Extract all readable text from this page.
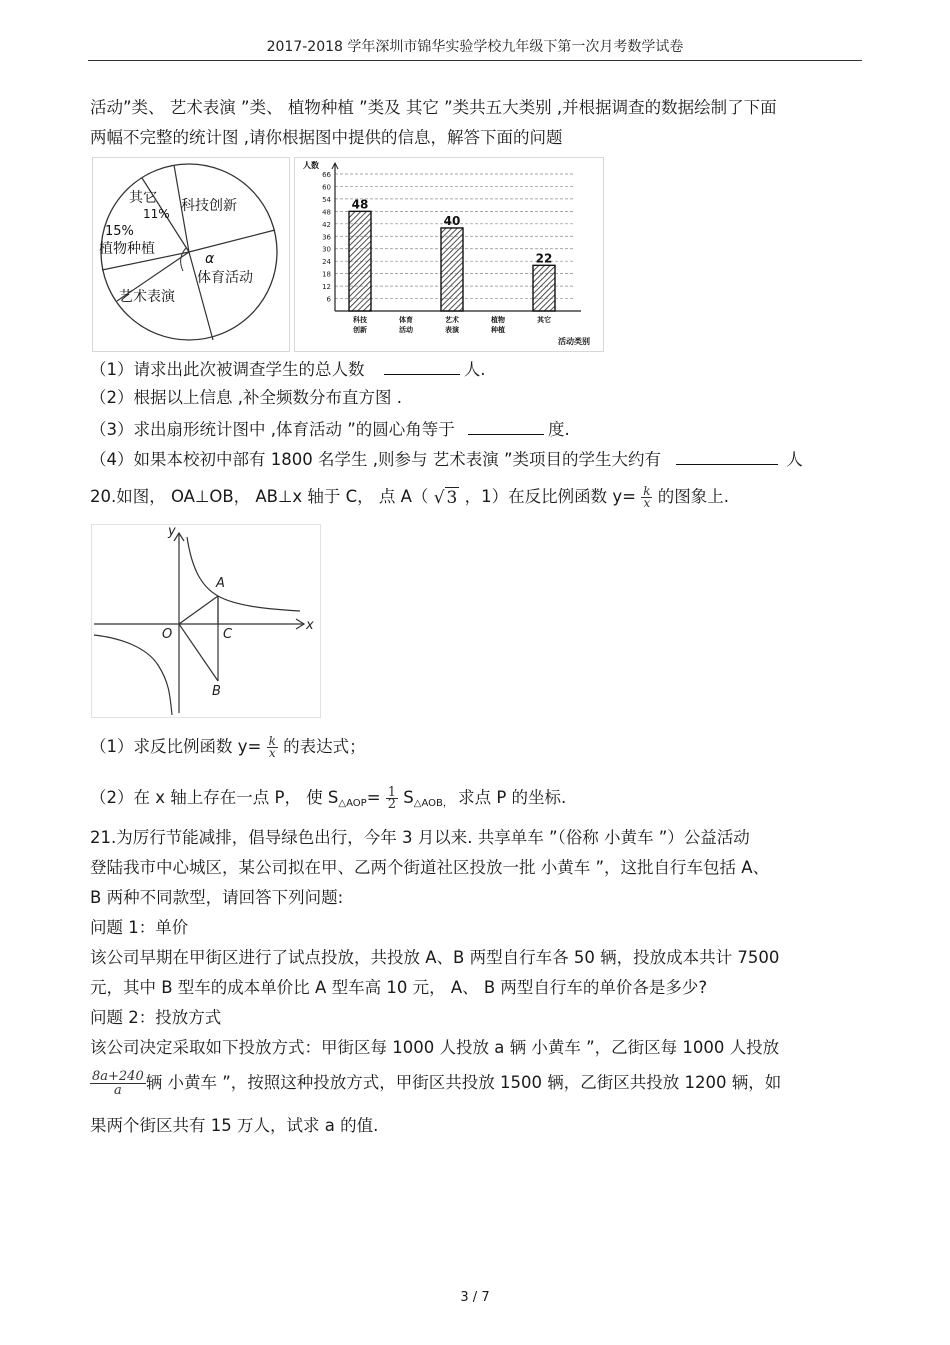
2017-2018 学年深圳市锦华实验学校九年级下第一次月考数学试卷
活动”类、 艺术表演 ”类、 植物种植 ”类及 其它 ”类共五大类别 ,并根据调查的数据绘制了下面
两幅不完整的统计图 ,请你根据图中提供的信息，解答下面的问题
其它
11% 科技创新
15%
植物种植
α
体育活动
艺术表演	6
12
18
24
30
36
42
48
54
60
66
48
科技
创新
体育
活动
40
艺术
表演
植物
种植
22
其它
人数
活动类别
（1）请求出此次被调查学生的总人数	人.
（2）根据以上信息 ,补全频数分布直方图 .
（3）求出扇形统计图中 ,体育活动 ”的圆心角等于	度.
（4）如果本校初中部有 1800 名学生 ,则参与 艺术表演 ”类项目的学生大约有	人
20.如图， OA⊥OB， AB⊥x 轴于 C， 点 A（ √ 3 ，1）在反比例函数 $y= \frac{k}{x}$ 的图象上.
y
x
O
A
C
B
（1）求反比例函数 $y= \frac{k}{x}$ 的表达式；
（2）在 x 轴上存在一点 P， 使 $S_{\triangle AOP}= \frac{1}{2} S_{\triangle AOB,}$ 求点 P 的坐标.
21.为厉行节能减排，倡导绿色出行，今年 3 月以来. 共享单车 ”（俗称 小黄车 ”）公益活动
登陆我市中心城区，某公司拟在甲、乙两个街道社区投放一批 小黄车 ”，这批自行车包括 A、
B 两种不同款型，请回答下列问题:
问题 1：单价
该公司早期在甲街区进行了试点投放，共投放 A、B 两型自行车各 50 辆，投放成本共计 7500
元，其中 B 型车的成本单价比 A 型车高 10 元， A、 B 两型自行车的单价各是多少?
问题 2：投放方式
该公司决定采取如下投放方式：甲街区每 1000 人投放 a 辆 小黄车 ”，乙街区每 1000 人投放
$\frac{8a+240}{a}$ 辆 小黄车 ”，按照这种投放方式，甲街区共投放 1500 辆，乙街区共投放 1200 辆，如
果两个街区共有 15 万人，试求 a 的值.
3 / 7
